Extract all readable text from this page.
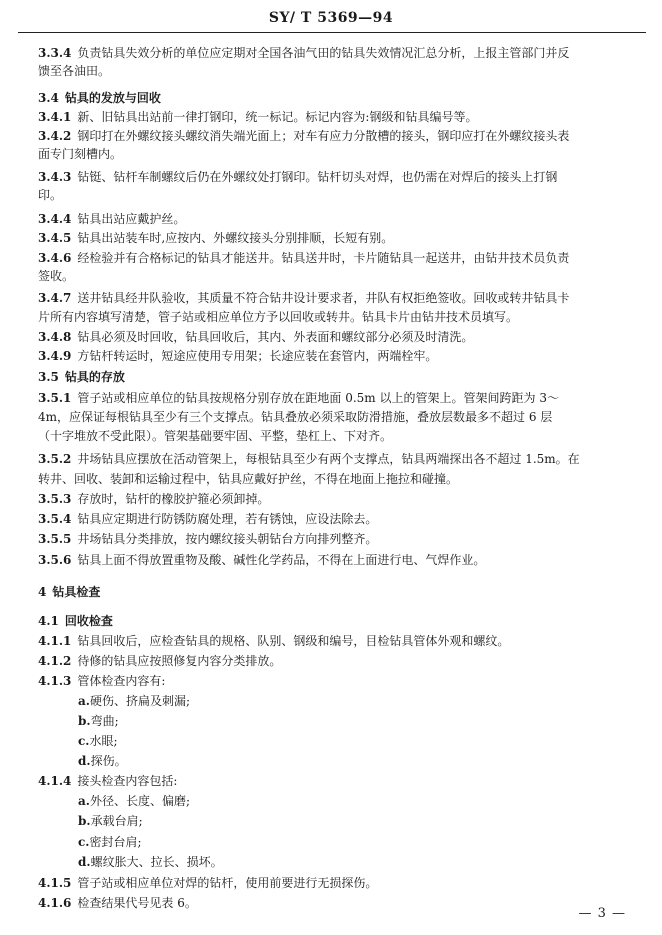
SY/ T 5369—94
3.3.4 负责钻具失效分析的单位应定期对全国各油气田的钻具失效情况汇总分析，上报主管部门并反
馈至各油田。
3.4 钻具的发放与回收
3.4.1 新、旧钻具出站前一律打钢印，统一标记。标记内容为:钢级和钻具编号等。
3.4.2 钢印打在外螺纹接头螺纹消失端光面上；对车有应力分散槽的接头，钢印应打在外螺纹接头表
面专门刻槽内。
3.4.3 钻铤、钻杆车制螺纹后仍在外螺纹处打钢印。钻杆切头对焊，也仍需在对焊后的接头上打钢
印。
3.4.4 钻具出站应戴护丝。
3.4.5 钻具出站装车时,应按内、外螺纹接头分别排顺，长短有别。
3.4.6 经检验并有合格标记的钻具才能送井。钻具送井时，卡片随钻具一起送井，由钻井技术员负责
签收。
3.4.7 送井钻具经井队验收，其质量不符合钻井设计要求者，井队有权拒绝签收。回收或转井钻具卡
片所有内容填写清楚，管子站或相应单位方予以回收或转井。钻具卡片由钻井技术员填写。
3.4.8 钻具必须及时回收，钻具回收后，其内、外表面和螺纹部分必须及时清洗。
3.4.9 方钻杆转运时，短途应使用专用架；长途应装在套管内，两端栓牢。
3.5 钻具的存放
3.5.1 管子站或相应单位的钻具按规格分别存放在距地面 0.5m 以上的管架上。管架间跨距为 3～
4m，应保证每根钻具至少有三个支撑点。钻具叠放必须采取防滑措施，叠放层数最多不超过 6 层
（十字堆放不受此限）。管架基础要牢固、平整，垫杠上、下对齐。
3.5.2 井场钻具应摆放在活动管架上，每根钻具至少有两个支撑点，钻具两端探出各不超过 1.5m。在
转井、回收、装卸和运输过程中，钻具应戴好护丝，不得在地面上拖拉和碰撞。
3.5.3 存放时，钻杆的橡胶护箍必须卸掉。
3.5.4 钻具应定期进行防锈防腐处理，若有锈蚀，应设法除去。
3.5.5 井场钻具分类排放，按内螺纹接头朝钻台方向排列整齐。
3.5.6 钻具上面不得放置重物及酸、碱性化学药品，不得在上面进行电、气焊作业。
4 钻具检查
4.1 回收检查
4.1.1 钻具回收后，应检查钻具的规格、队别、钢级和编号，目检钻具管体外观和螺纹。
4.1.2 待修的钻具应按照修复内容分类排放。
4.1.3 管体检查内容有:
a.硬伤、挤扁及刺漏;
b.弯曲;
c.水眼;
d.探伤。
4.1.4 接头检查内容包括:
a.外径、长度、偏磨;
b.承载台肩;
c.密封台肩;
d.螺纹胀大、拉长、损坏。
4.1.5 管子站或相应单位对焊的钻杆，使用前要进行无损探伤。
4.1.6 检查结果代号见表 6。
— 3 —
